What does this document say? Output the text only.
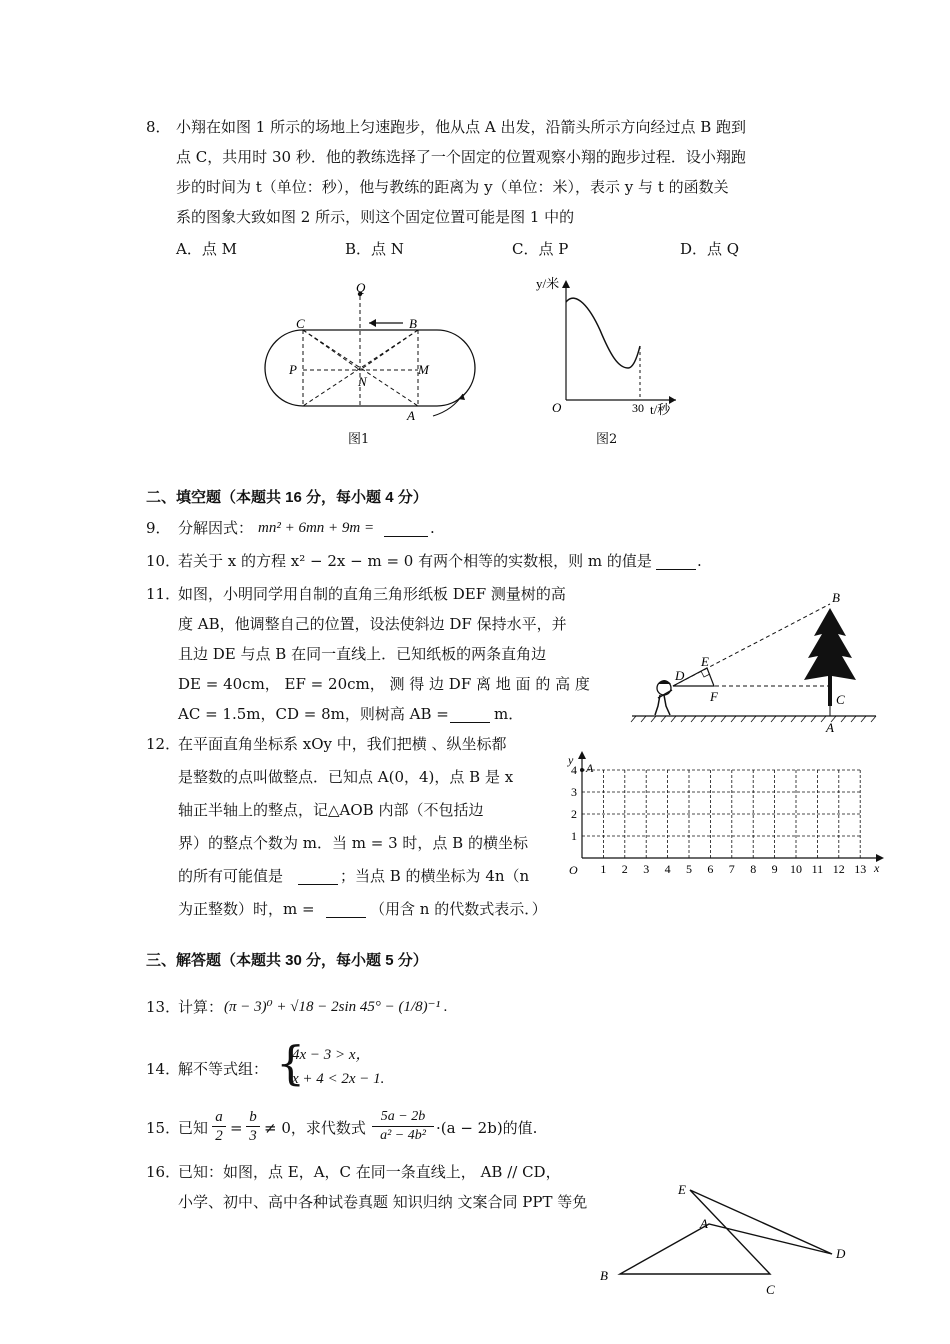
8． 小翔在如图 1 所示的场地上匀速跑步，他从点 A 出发，沿箭头所示方向经过点 B 跑到
点 C，共用时 30 秒．他的教练选择了一个固定的位置观察小翔的跑步过程．设小翔跑
步的时间为 t（单位：秒），他与教练的距离为 y（单位：米），表示 y 与 t 的函数关
系的图象大致如图 2 所示，则这个固定位置可能是图 1 中的
A．点 M	B．点 N	C．点 P	D．点 Q
Q
C	B
P	M
N
A
图1
y/米
O	30 t/秒
图2
二、填空题（本题共 16 分，每小题 4 分）
9． 分解因式： mn² + 6mn + 9m =	.
10．
若关于 x 的方程 x² − 2x − m = 0 有两个相等的实数根，则 m 的值是	.
11．
如图，小明同学用自制的直角三角形纸板 DEF 测量树的高
度 AB，他调整自己的位置，设法使斜边 DF 保持水平，并
且边 DE 与点 B 在同一直线上．已知纸板的两条直角边
DE = 40cm， EF = 20cm， 测 得 边 DF 离 地 面 的 高 度
AC = 1.5m，CD = 8m，则树高 AB =	m．
B
E
D
F	C
A
12．
在平面直角坐标系 xOy 中，我们把横 、纵坐标都
是整数的点叫做整点．已知点 A(0，4)，点 B 是 x
轴正半轴上的整点，记△AOB 内部（不包括边
界）的整点个数为 m．当 m = 3 时，点 B 的横坐标
的所有可能值是	；当点 B 的横坐标为 4n（n
为正整数）时，m =	（用含 n 的代数式表示．）
A
y
x
O 1 2 3 4 5 6 7 8 9 10 11 12 13
1
2
3
4
三、解答题（本题共 30 分，每小题 5 分）
13．
计算： (π − 3)⁰ + √18 − 2sin 45° − (1/8)⁻¹ .
14．
解不等式组： {
4x − 3 > x，
x + 4 < 2x − 1.
15．
已知 $\frac{a}{2} = \frac{b}{3} \ne 0$，求代数式 $\frac{5a - 2b}{\text{a² − 4b²}} \cdot(a - 2b)$的值.
16．
已知：如图，点 E，A，C 在同一条直线上， AB // CD，
小学、初中、高中各种试卷真题 知识归纳 文案合同 PPT 等免
E
A
D
B
C
